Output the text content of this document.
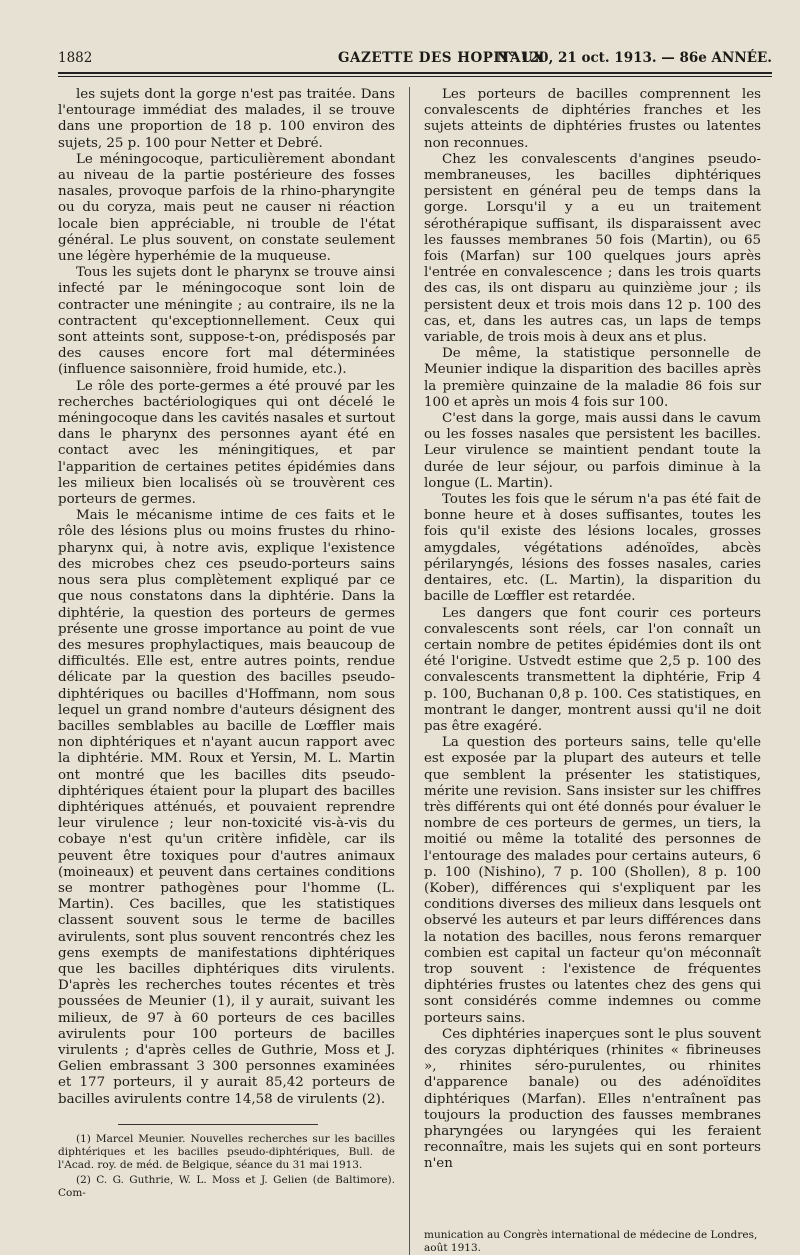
1882	GAZETTE DES HOPITAUX
N° 120, 21 oct. 1913. — 86e ANNÉE.

les sujets dont la gorge n'est pas traitée. Dans l'entourage immédiat des malades, il se trouve dans une proportion de 18 p. 100 environ des sujets, 25 p. 100 pour Netter et Debré.

Le méningocoque, particulièrement abondant au niveau de la partie postérieure des fosses nasales, provoque parfois de la rhino-pharyngite ou du coryza, mais peut ne causer ni réaction locale bien appréciable, ni trouble de l'état général. Le plus souvent, on constate seulement une légère hyperhémie de la muqueuse.

Tous les sujets dont le pharynx se trouve ainsi infecté par le méningocoque sont loin de contracter une méningite ; au contraire, ils ne la contractent qu'exceptionnellement. Ceux qui sont atteints sont, suppose-t-on, prédisposés par des causes encore fort mal déterminées (influence saisonnière, froid humide, etc.).

Le rôle des porte-germes a été prouvé par les recherches bactériologiques qui ont décelé le méningocoque dans les cavités nasales et surtout dans le pharynx des personnes ayant été en contact avec les méningitiques, et par l'apparition de certaines petites épidémies dans les milieux bien localisés où se trouvèrent ces porteurs de germes.

Mais le mécanisme intime de ces faits et le rôle des lésions plus ou moins frustes du rhino-pharynx qui, à notre avis, explique l'existence des microbes chez ces pseudo-porteurs sains nous sera plus complètement expliqué par ce que nous constatons dans la diphtérie. Dans la diphtérie, la question des porteurs de germes présente une grosse importance au point de vue des mesures prophylactiques, mais beaucoup de difficultés. Elle est, entre autres points, rendue délicate par la question des bacilles pseudo-diphtériques ou bacilles d'Hoffmann, nom sous lequel un grand nombre d'auteurs désignent des bacilles semblables au bacille de Lœffler mais non diphtériques et n'ayant aucun rapport avec la diphtérie. MM. Roux et Yersin, M. L. Martin ont montré que les bacilles dits pseudo-diphtériques étaient pour la plupart des bacilles diphtériques atténués, et pouvaient reprendre leur virulence ; leur non-toxicité vis-à-vis du cobaye n'est qu'un critère infidèle, car ils peuvent être toxiques pour d'autres animaux (moineaux) et peuvent dans certaines conditions se montrer pathogènes pour l'homme (L. Martin). Ces bacilles, que les statistiques classent souvent sous le terme de bacilles avirulents, sont plus souvent rencontrés chez les gens exempts de manifestations diphtériques que les bacilles diphtériques dits virulents. D'après les recherches toutes récentes et très poussées de Meunier (1), il y aurait, suivant les milieux, de 97 à 60 porteurs de ces bacilles avirulents pour 100 porteurs de bacilles virulents ; d'après celles de Guthrie, Moss et J. Gelien embrassant 3 300 personnes examinées et 177 porteurs, il y aurait 85,42 porteurs de bacilles avirulents contre 14,58 de virulents (2).

(1) Marcel Meunier. Nouvelles recherches sur les bacilles diphtériques et les bacilles pseudo-diphtériques, Bull. de l'Acad. roy. de méd. de Belgique, séance du 31 mai 1913.

(2) C. G. Guthrie, W. L. Moss et J. Gelien (de Baltimore). Com-

Les porteurs de bacilles comprennent les convalescents de diphtéries franches et les sujets atteints de diphtéries frustes ou latentes non reconnues.

Chez les convalescents d'angines pseudo-membraneuses, les bacilles diphtériques persistent en général peu de temps dans la gorge. Lorsqu'il y a eu un traitement sérothérapique suffisant, ils disparaissent avec les fausses membranes 50 fois (Martin), ou 65 fois (Marfan) sur 100 quelques jours après l'entrée en convalescence ; dans les trois quarts des cas, ils ont disparu au quinzième jour ; ils persistent deux et trois mois dans 12 p. 100 des cas, et, dans les autres cas, un laps de temps variable, de trois mois à deux ans et plus.

De même, la statistique personnelle de Meunier indique la disparition des bacilles après la première quinzaine de la maladie 86 fois sur 100 et après un mois 4 fois sur 100.

C'est dans la gorge, mais aussi dans le cavum ou les fosses nasales que persistent les bacilles. Leur virulence se maintient pendant toute la durée de leur séjour, ou parfois diminue à la longue (L. Martin).

Toutes les fois que le sérum n'a pas été fait de bonne heure et à doses suffisantes, toutes les fois qu'il existe des lésions locales, grosses amygdales, végétations adénoïdes, abcès périlaryngés, lésions des fosses nasales, caries dentaires, etc. (L. Martin), la disparition du bacille de Lœffler est retardée.

Les dangers que font courir ces porteurs convalescents sont réels, car l'on connaît un certain nombre de petites épidémies dont ils ont été l'origine. Ustvedt estime que 2,5 p. 100 des convalescents transmettent la diphtérie, Frip 4 p. 100, Buchanan 0,8 p. 100. Ces statistiques, en montrant le danger, montrent aussi qu'il ne doit pas être exagéré.

La question des porteurs sains, telle qu'elle est exposée par la plupart des auteurs et telle que semblent la présenter les statistiques, mérite une revision. Sans insister sur les chiffres très différents qui ont été donnés pour évaluer le nombre de ces porteurs de germes, un tiers, la moitié ou même la totalité des personnes de l'entourage des malades pour certains auteurs, 6 p. 100 (Nishino), 7 p. 100 (Shollen), 8 p. 100 (Kober), différences qui s'expliquent par les conditions diverses des milieux dans lesquels ont observé les auteurs et par leurs différences dans la notation des bacilles, nous ferons remarquer combien est capital un facteur qu'on méconnaît trop souvent : l'existence de fréquentes diphtéries frustes ou latentes chez des gens qui sont considérés comme indemnes ou comme porteurs sains.

Ces diphtéries inaperçues sont le plus souvent des coryzas diphtériques (rhinites « fibrineuses », rhinites séro-purulentes, ou rhinites d'apparence banale) ou des adénoïdites diphtériques (Marfan). Elles n'entraînent pas toujours la production des fausses membranes pharyngées ou laryngées qui les feraient reconnaître, mais les sujets qui en sont porteurs n'en

munication au Congrès international de médecine de Londres, août 1913.
